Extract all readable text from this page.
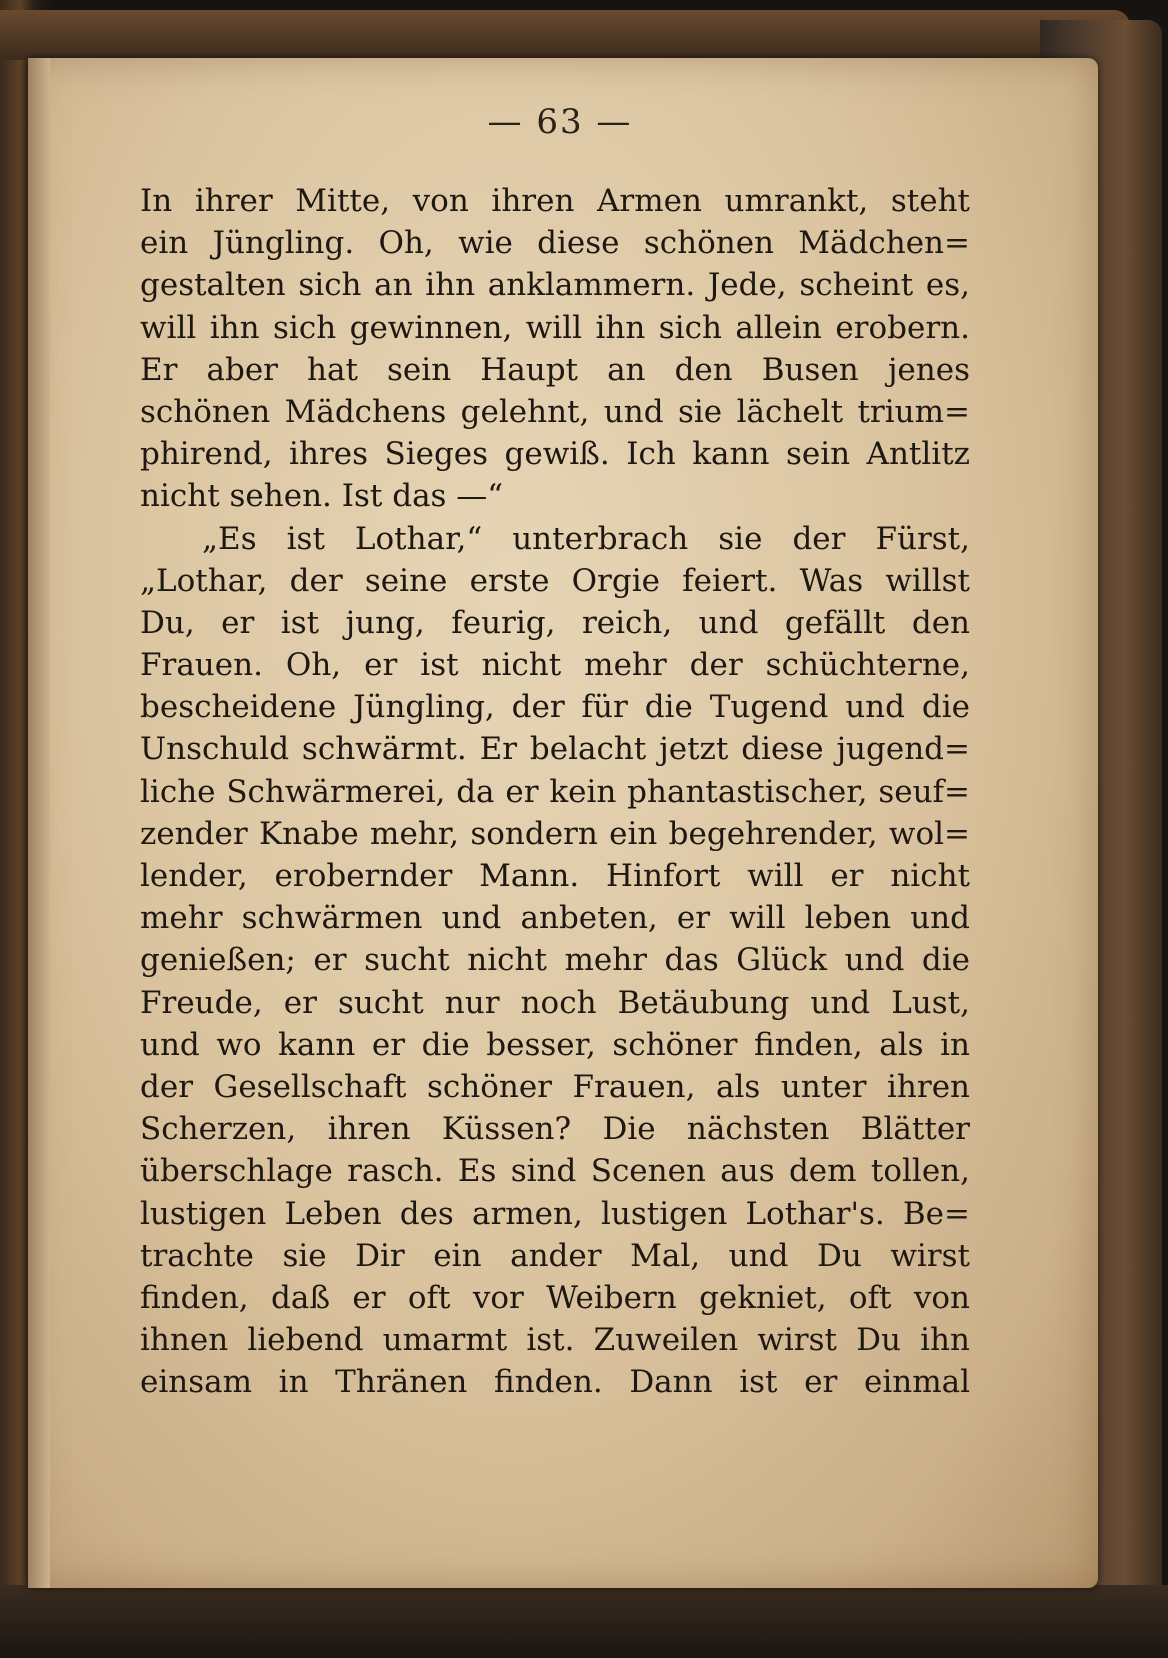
— 63 —
In ihrer Mitte, von ihren Armen umrankt, steht
ein Jüngling. Oh, wie diese schönen Mädchen=
gestalten sich an ihn anklammern. Jede, scheint es,
will ihn sich gewinnen, will ihn sich allein erobern.
Er aber hat sein Haupt an den Busen jenes
schönen Mädchens gelehnt, und sie lächelt trium=
phirend, ihres Sieges gewiß. Ich kann sein Antlitz
nicht sehen. Ist das —“
„Es ist Lothar,“ unterbrach sie der Fürst,
„Lothar, der seine erste Orgie feiert. Was willst
Du, er ist jung, feurig, reich, und gefällt den
Frauen. Oh, er ist nicht mehr der schüchterne,
bescheidene Jüngling, der für die Tugend und die
Unschuld schwärmt. Er belacht jetzt diese jugend=
liche Schwärmerei, da er kein phantastischer, seuf=
zender Knabe mehr, sondern ein begehrender, wol=
lender, erobernder Mann. Hinfort will er nicht
mehr schwärmen und anbeten, er will leben und
genießen; er sucht nicht mehr das Glück und die
Freude, er sucht nur noch Betäubung und Lust,
und wo kann er die besser, schöner finden, als in
der Gesellschaft schöner Frauen, als unter ihren
Scherzen, ihren Küssen? Die nächsten Blätter
überschlage rasch. Es sind Scenen aus dem tollen,
lustigen Leben des armen, lustigen Lothar's. Be=
trachte sie Dir ein ander Mal, und Du wirst
finden, daß er oft vor Weibern gekniet, oft von
ihnen liebend umarmt ist. Zuweilen wirst Du ihn
einsam in Thränen finden. Dann ist er einmal
